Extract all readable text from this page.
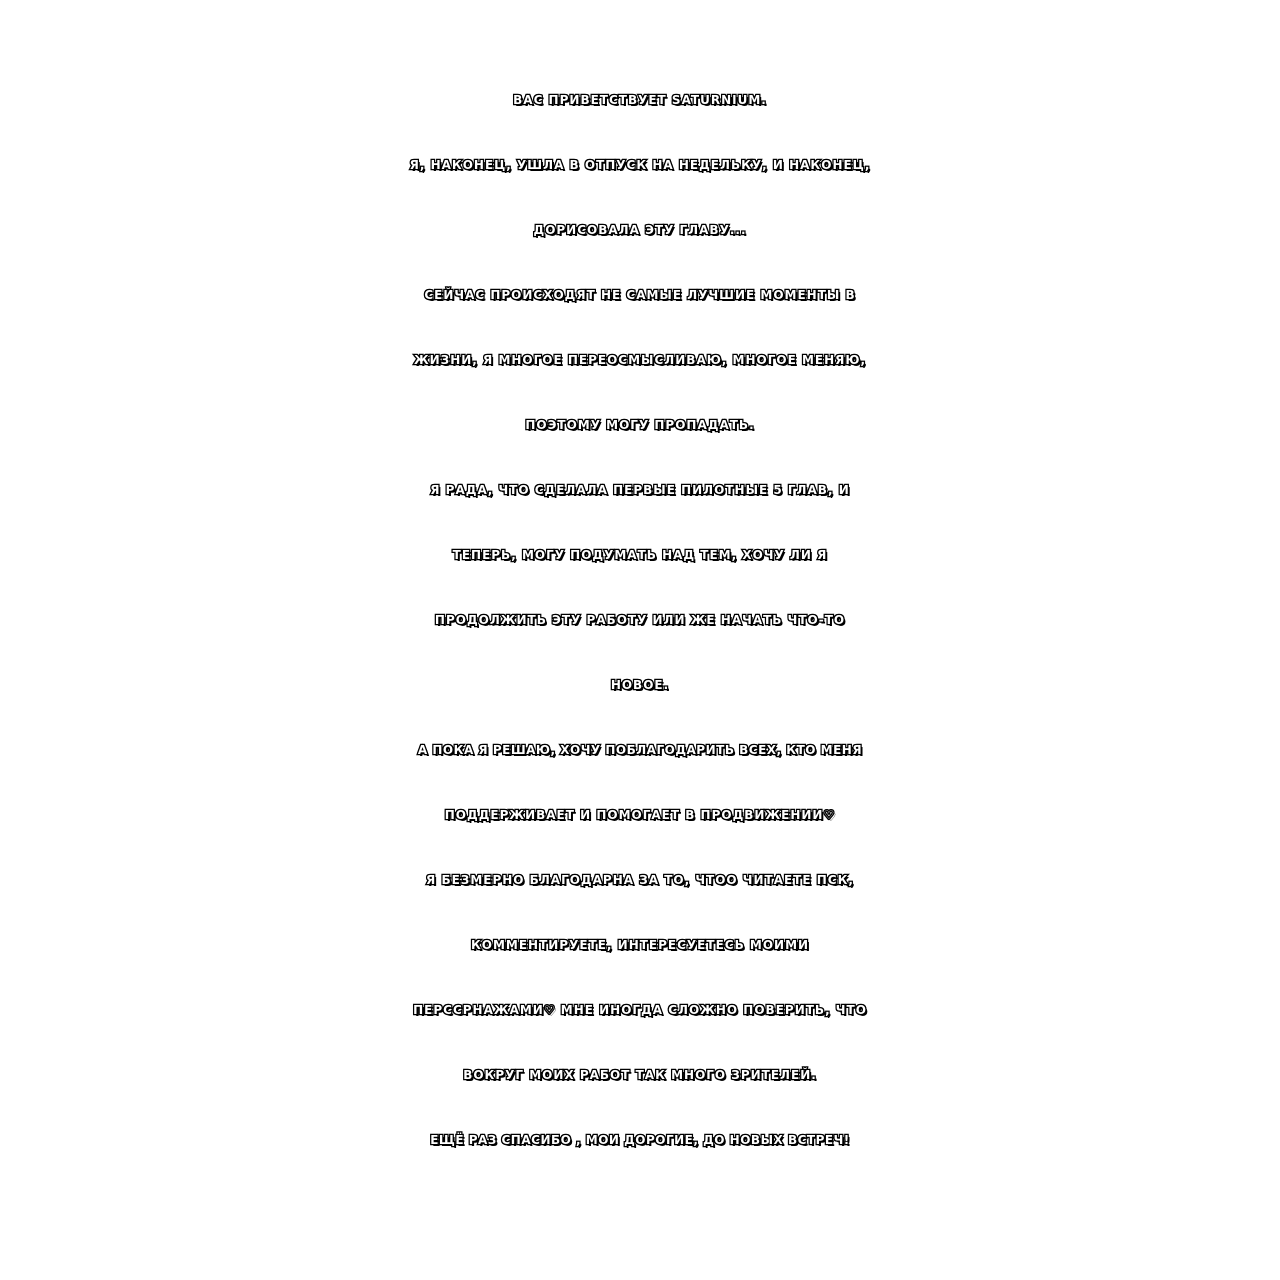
ВАС ПРИВЕТСТВУЕТ SATURNIUM.
Я, НАКОНЕЦ, УШЛА В ОТПУСК НА НЕДЕЛЬКУ, И НАКОНЕЦ,
ДОРИСОВАЛА ЭТУ ГЛАВУ...
СЕЙЧАС ПРОИСХОДЯТ НЕ САМЫЕ ЛУЧШИЕ МОМЕНТЫ В
ЖИЗНИ, Я МНОГОЕ ПЕРЕОСМЫСЛИВАЮ, МНОГОЕ МЕНЯЮ,
ПОЭТОМУ МОГУ ПРОПАДАТЬ.
Я РАДА, ЧТО СДЕЛАЛА ПЕРВЫЕ ПИЛОТНЫЕ 5 ГЛАВ, И
ТЕПЕРЬ, МОГУ ПОДУМАТЬ НАД ТЕМ, ХОЧУ ЛИ Я
ПРОДОЛЖИТЬ ЭТУ РАБОТУ ИЛИ ЖЕ НАЧАТЬ ЧТО-ТО
НОВОЕ.
А ПОКА Я РЕШАЮ, ХОЧУ ПОБЛАГОДАРИТЬ ВСЕХ, КТО МЕНЯ
ПОДДЕРЖИВАЕТ И ПОМОГАЕТ В ПРОДВИЖЕНИИ♡
Я БЕЗМЕРНО БЛАГОДАРНА ЗА ТО, ЧТОО ЧИТАЕТЕ ПСК,
КОММЕНТИРУЕТЕ, ИНТЕРЕСУЕТЕСЬ МОИМИ
ПЕРССРНАЖАМИ♡ МНЕ ИНОГДА СЛОЖНО ПОВЕРИТЬ, ЧТО
ВОКРУГ МОИХ РАБОТ ТАК МНОГО ЗРИТЕЛЕЙ.
ЕЩЁ РАЗ СПАСИБО , МОИ ДОРОГИЕ, ДО НОВЫХ ВСТРЕЧ!
